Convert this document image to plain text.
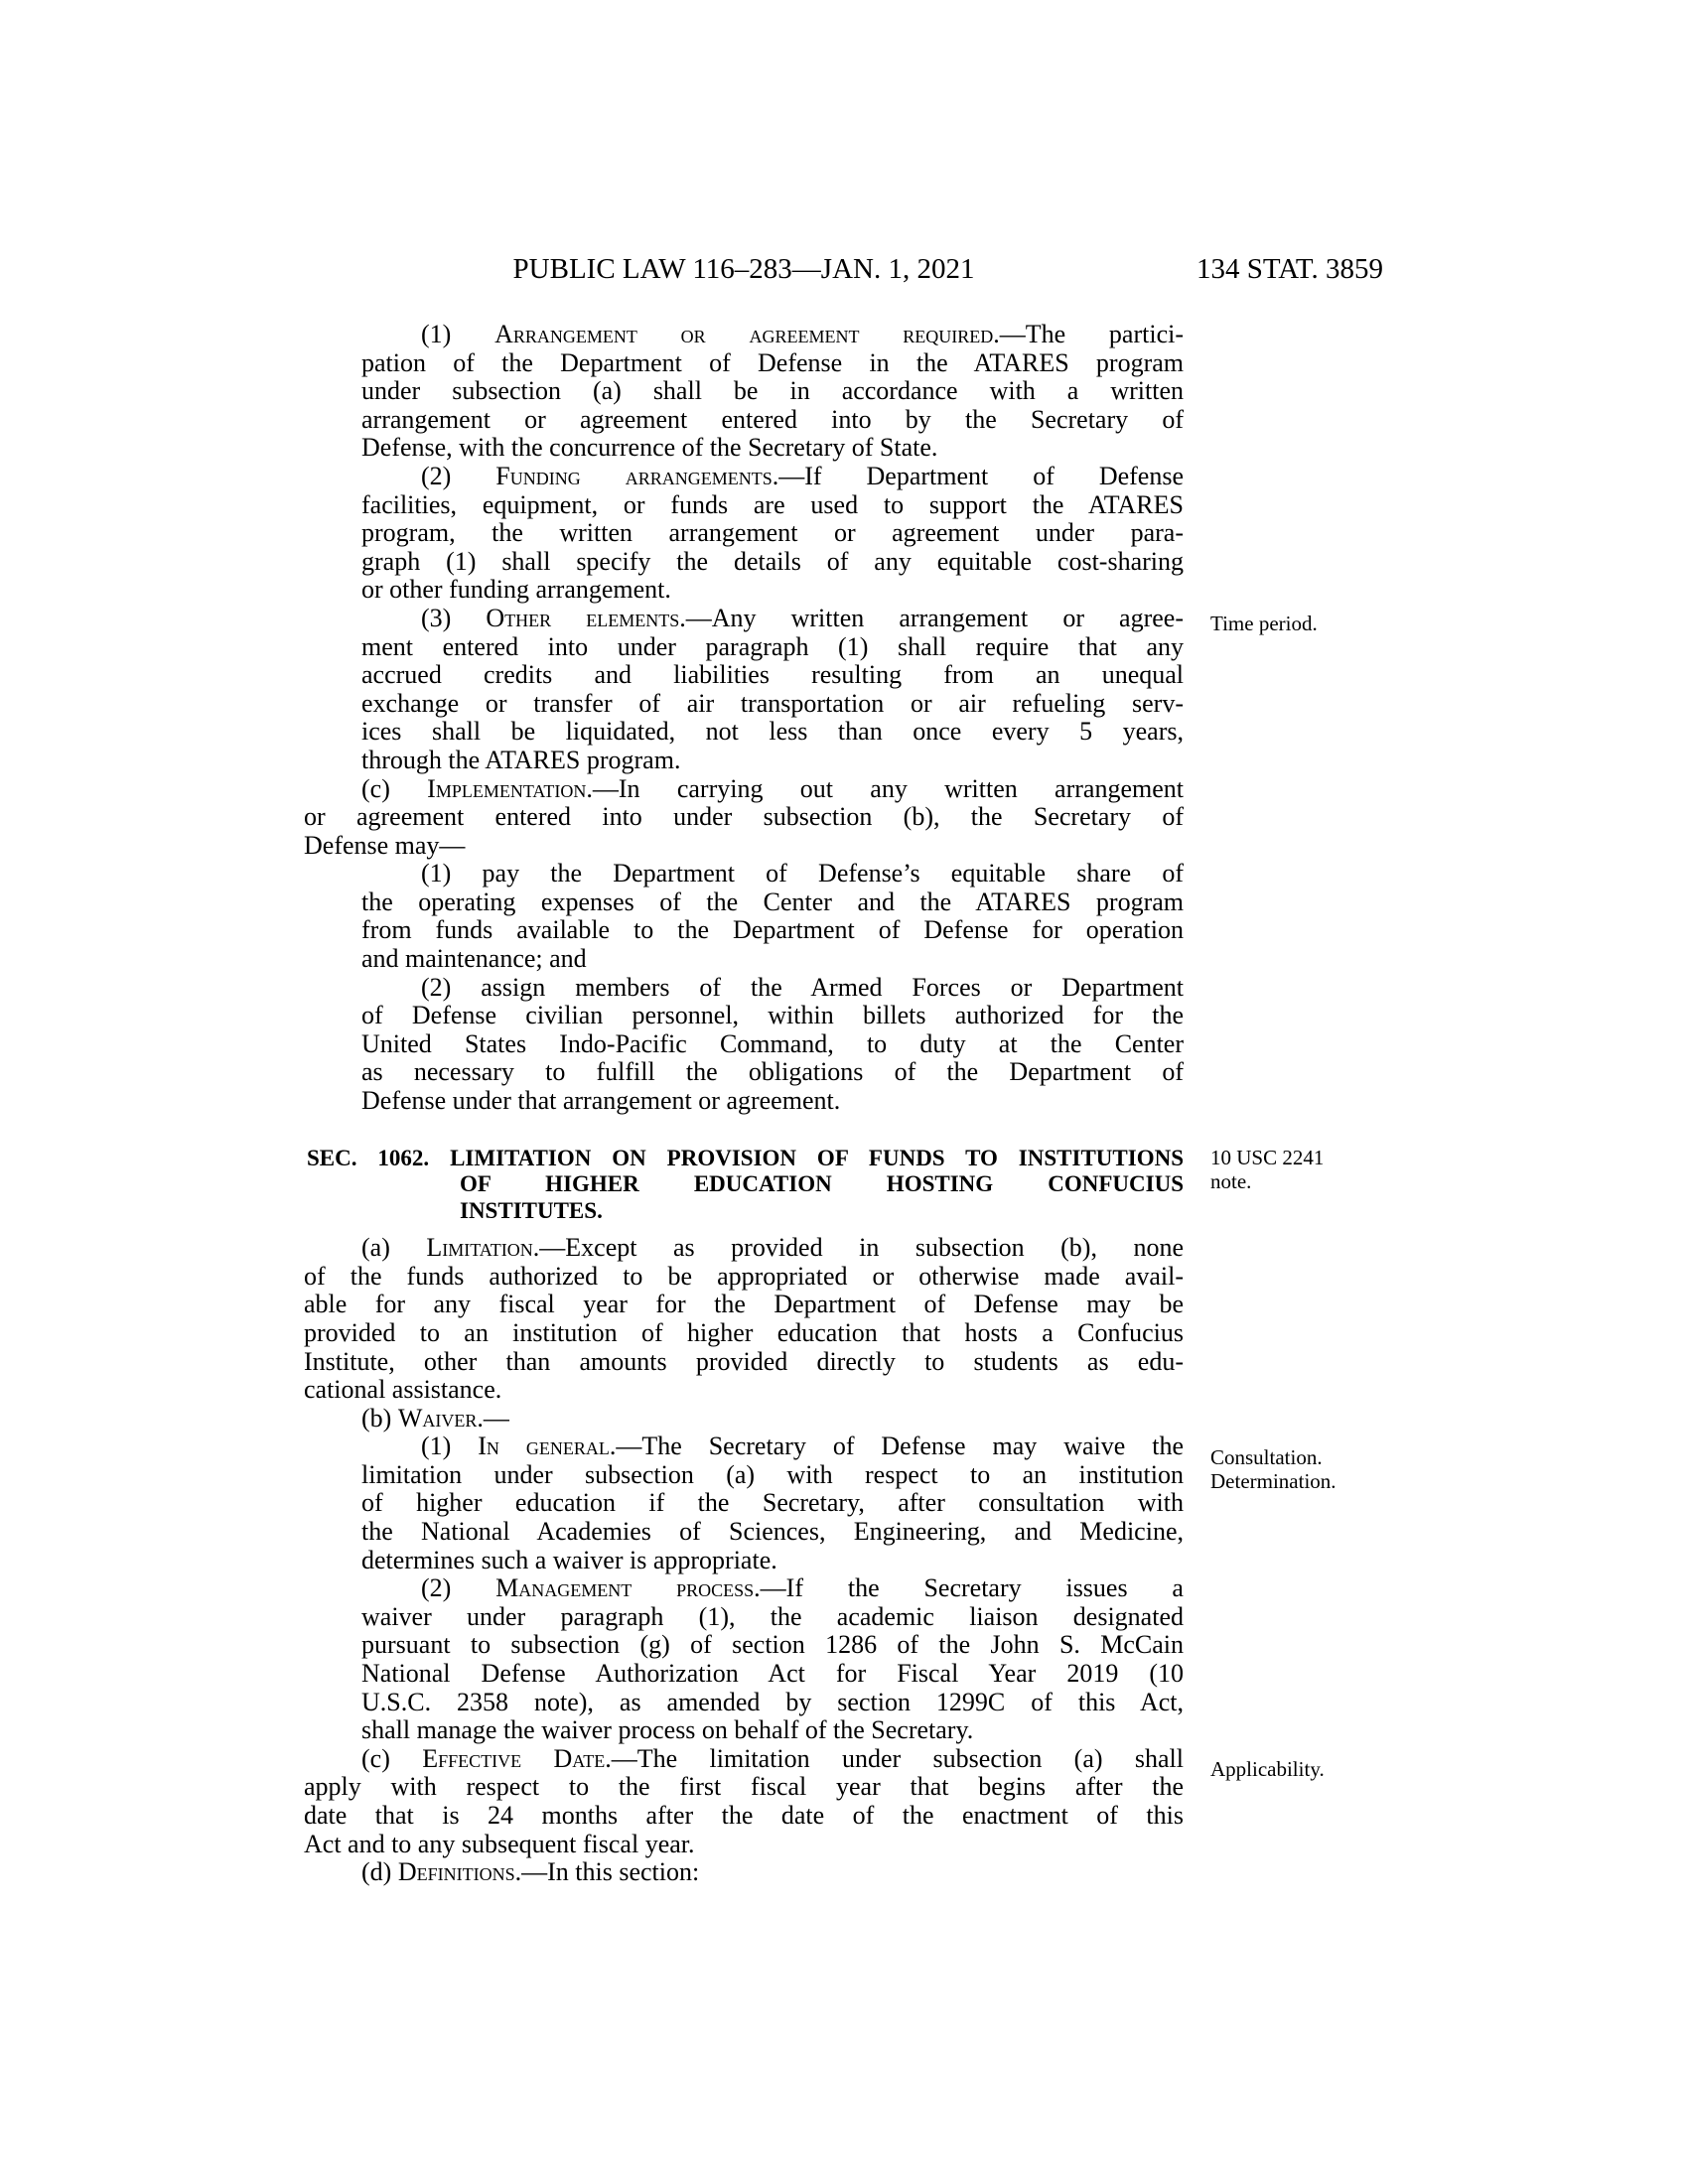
PUBLIC LAW 116–283—JAN. 1, 2021	134 STAT. 3859
Time period.
10 USC 2241
note.
Consultation.
Determination.
Applicability.
(1) Arrangement or agreement required.—The partici-
pation of the Department of Defense in the ATARES program
under subsection (a) shall be in accordance with a written
arrangement or agreement entered into by the Secretary of
Defense, with the concurrence of the Secretary of State.
(2) Funding arrangements.—If Department of Defense
facilities, equipment, or funds are used to support the ATARES
program, the written arrangement or agreement under para-
graph (1) shall specify the details of any equitable cost-sharing
or other funding arrangement.
(3) Other elements.—Any written arrangement or agree-
ment entered into under paragraph (1) shall require that any
accrued credits and liabilities resulting from an unequal
exchange or transfer of air transportation or air refueling serv-
ices shall be liquidated, not less than once every 5 years,
through the ATARES program.
(c) Implementation.—In carrying out any written arrangement
or agreement entered into under subsection (b), the Secretary of
Defense may—
(1) pay the Department of Defense’s equitable share of
the operating expenses of the Center and the ATARES program
from funds available to the Department of Defense for operation
and maintenance; and
(2) assign members of the Armed Forces or Department
of Defense civilian personnel, within billets authorized for the
United States Indo-Pacific Command, to duty at the Center
as necessary to fulfill the obligations of the Department of
Defense under that arrangement or agreement.
SEC. 1062. LIMITATION ON PROVISION OF FUNDS TO INSTITUTIONS
OF HIGHER EDUCATION HOSTING CONFUCIUS
INSTITUTES.
(a) Limitation.—Except as provided in subsection (b), none
of the funds authorized to be appropriated or otherwise made avail-
able for any fiscal year for the Department of Defense may be
provided to an institution of higher education that hosts a Confucius
Institute, other than amounts provided directly to students as edu-
cational assistance.
(b) Waiver.—
(1) In general.—The Secretary of Defense may waive the
limitation under subsection (a) with respect to an institution
of higher education if the Secretary, after consultation with
the National Academies of Sciences, Engineering, and Medicine,
determines such a waiver is appropriate.
(2) Management process.—If the Secretary issues a
waiver under paragraph (1), the academic liaison designated
pursuant to subsection (g) of section 1286 of the John S. McCain
National Defense Authorization Act for Fiscal Year 2019 (10
U.S.C. 2358 note), as amended by section 1299C of this Act,
shall manage the waiver process on behalf of the Secretary.
(c) Effective Date.—The limitation under subsection (a) shall
apply with respect to the first fiscal year that begins after the
date that is 24 months after the date of the enactment of this
Act and to any subsequent fiscal year.
(d) Definitions.—In this section:
